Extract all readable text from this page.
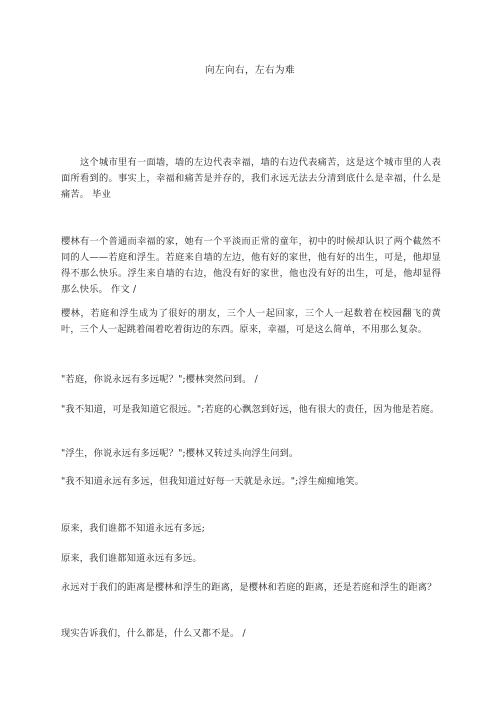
向左向右，左右为难

　　这个城市里有一面墙，墙的左边代表幸福，墙的右边代表痛苦，这是这个城市里的人表面所看到的。事实上，幸福和痛苦是并存的，我们永远无法去分清到底什么是幸福，什么是痛苦。 毕业

樱林有一个普通而幸福的家，她有一个平淡而正常的童年，初中的时候却认识了两个截然不同的人——若庭和浮生。若庭来自墙的左边，他有好的家世，他有好的出生，可是，他却显得不那么快乐。浮生来自墙的右边，他没有好的家世，他也没有好的出生，可是，他却显得那么快乐。 作文 /

樱林，若庭和浮生成为了很好的朋友，三个人一起回家，三个人一起数着在校园翻飞的黄叶，三个人一起跳着闹着吃着街边的东西。原来，幸福，可是这么简单，不用那么复杂。

"若庭，你说永远有多远呢？";樱林突然问到。 /

"我不知道，可是我知道它很远。";若庭的心飘忽到好远，他有很大的责任，因为他是若庭。

"浮生，你说永远有多远呢？";樱林又转过头向浮生问到。

"我不知道永远有多远，但我知道过好每一天就是永远。";浮生痴痴地笑。

原来，我们谁都不知道永远有多远;

原来，我们谁都知道永远有多远。

永远对于我们的距离是樱林和浮生的距离，是樱林和若庭的距离，还是若庭和浮生的距离？

现实告诉我们，什么都是，什么又都不是。 /
